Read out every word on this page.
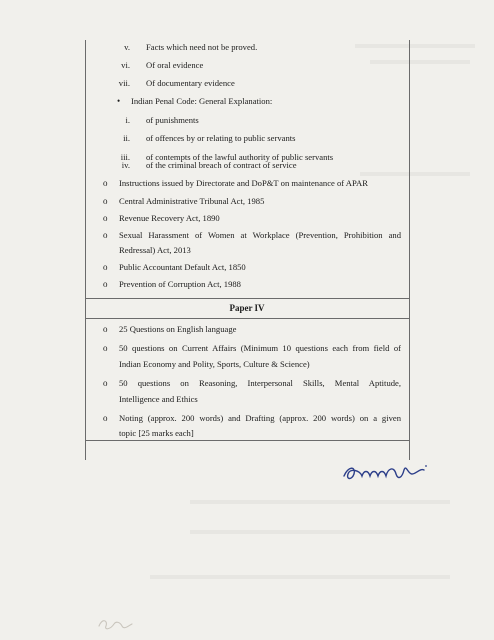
v. Facts which need not be proved.
vi. Of oral evidence
vii. Of documentary evidence
• Indian Penal Code: General Explanation:
i. of punishments
ii. of offences by or relating to public servants
iii. of contempts of the lawful authority of public servants
iv. of the criminal breach of contract of service
o Instructions issued by Directorate and DoP&T on maintenance of APAR
o Central Administrative Tribunal Act, 1985
o Revenue Recovery Act, 1890
o Sexual Harassment of Women at Workplace (Prevention, Prohibition and
Redressal) Act, 2013
o Public Accountant Default Act, 1850
o Prevention of Corruption Act, 1988
Paper IV
o 25 Questions on English language
o 50 questions on Current Affairs (Minimum 10 questions each from field of
Indian Economy and Polity, Sports, Culture & Science)
o 50 questions on Reasoning, Interpersonal Skills, Mental Aptitude,
Intelligence and Ethics
o Noting (approx. 200 words) and Drafting (approx. 200 words) on a given
topic [25 marks each]
